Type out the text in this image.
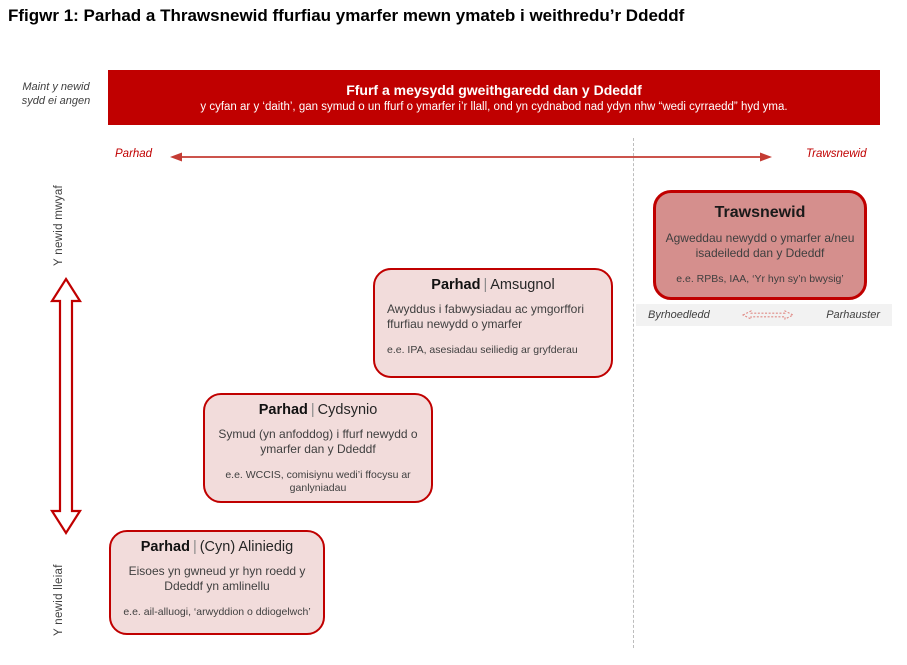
Ffigwr 1: Parhad a Thrawsnewid ffurfiau ymarfer mewn ymateb i weithredu’r Ddeddf
Maint y newid sydd ei angen
Ffurf a meysydd gweithgaredd dan y Ddeddf
y cyfan ar y ‘daith’, gan symud o un ffurf o ymarfer i’r llall, ond yn cydnabod nad ydyn nhw “wedi cyrraedd” hyd yma.
Parhad	Trawsnewid
Y newid mwyaf
Y newid lleiaf
Trawsnewid
Agweddau newydd o ymarfer a/neu isadeiledd dan y Ddeddf
e.e. RPBs, IAA, ‘Yr hyn sy’n bwysig’
Byrhoedledd	Parhauster
Parhad | Amsugnol
Awyddus i fabwysiadau ac ymgorffori ffurfiau newydd o ymarfer
e.e. IPA, asesiadau seiliedig ar gryfderau
Parhad | Cydsynio
Symud (yn anfoddog) i ffurf newydd o ymarfer dan y Ddeddf
e.e. WCCIS, comisiynu wedi’i ffocysu ar ganlyniadau
Parhad | (Cyn) Aliniedig
Eisoes yn gwneud yr hyn roedd y Ddeddf yn amlinellu
e.e. ail-alluogi, ‘arwyddion o ddiogelwch’
